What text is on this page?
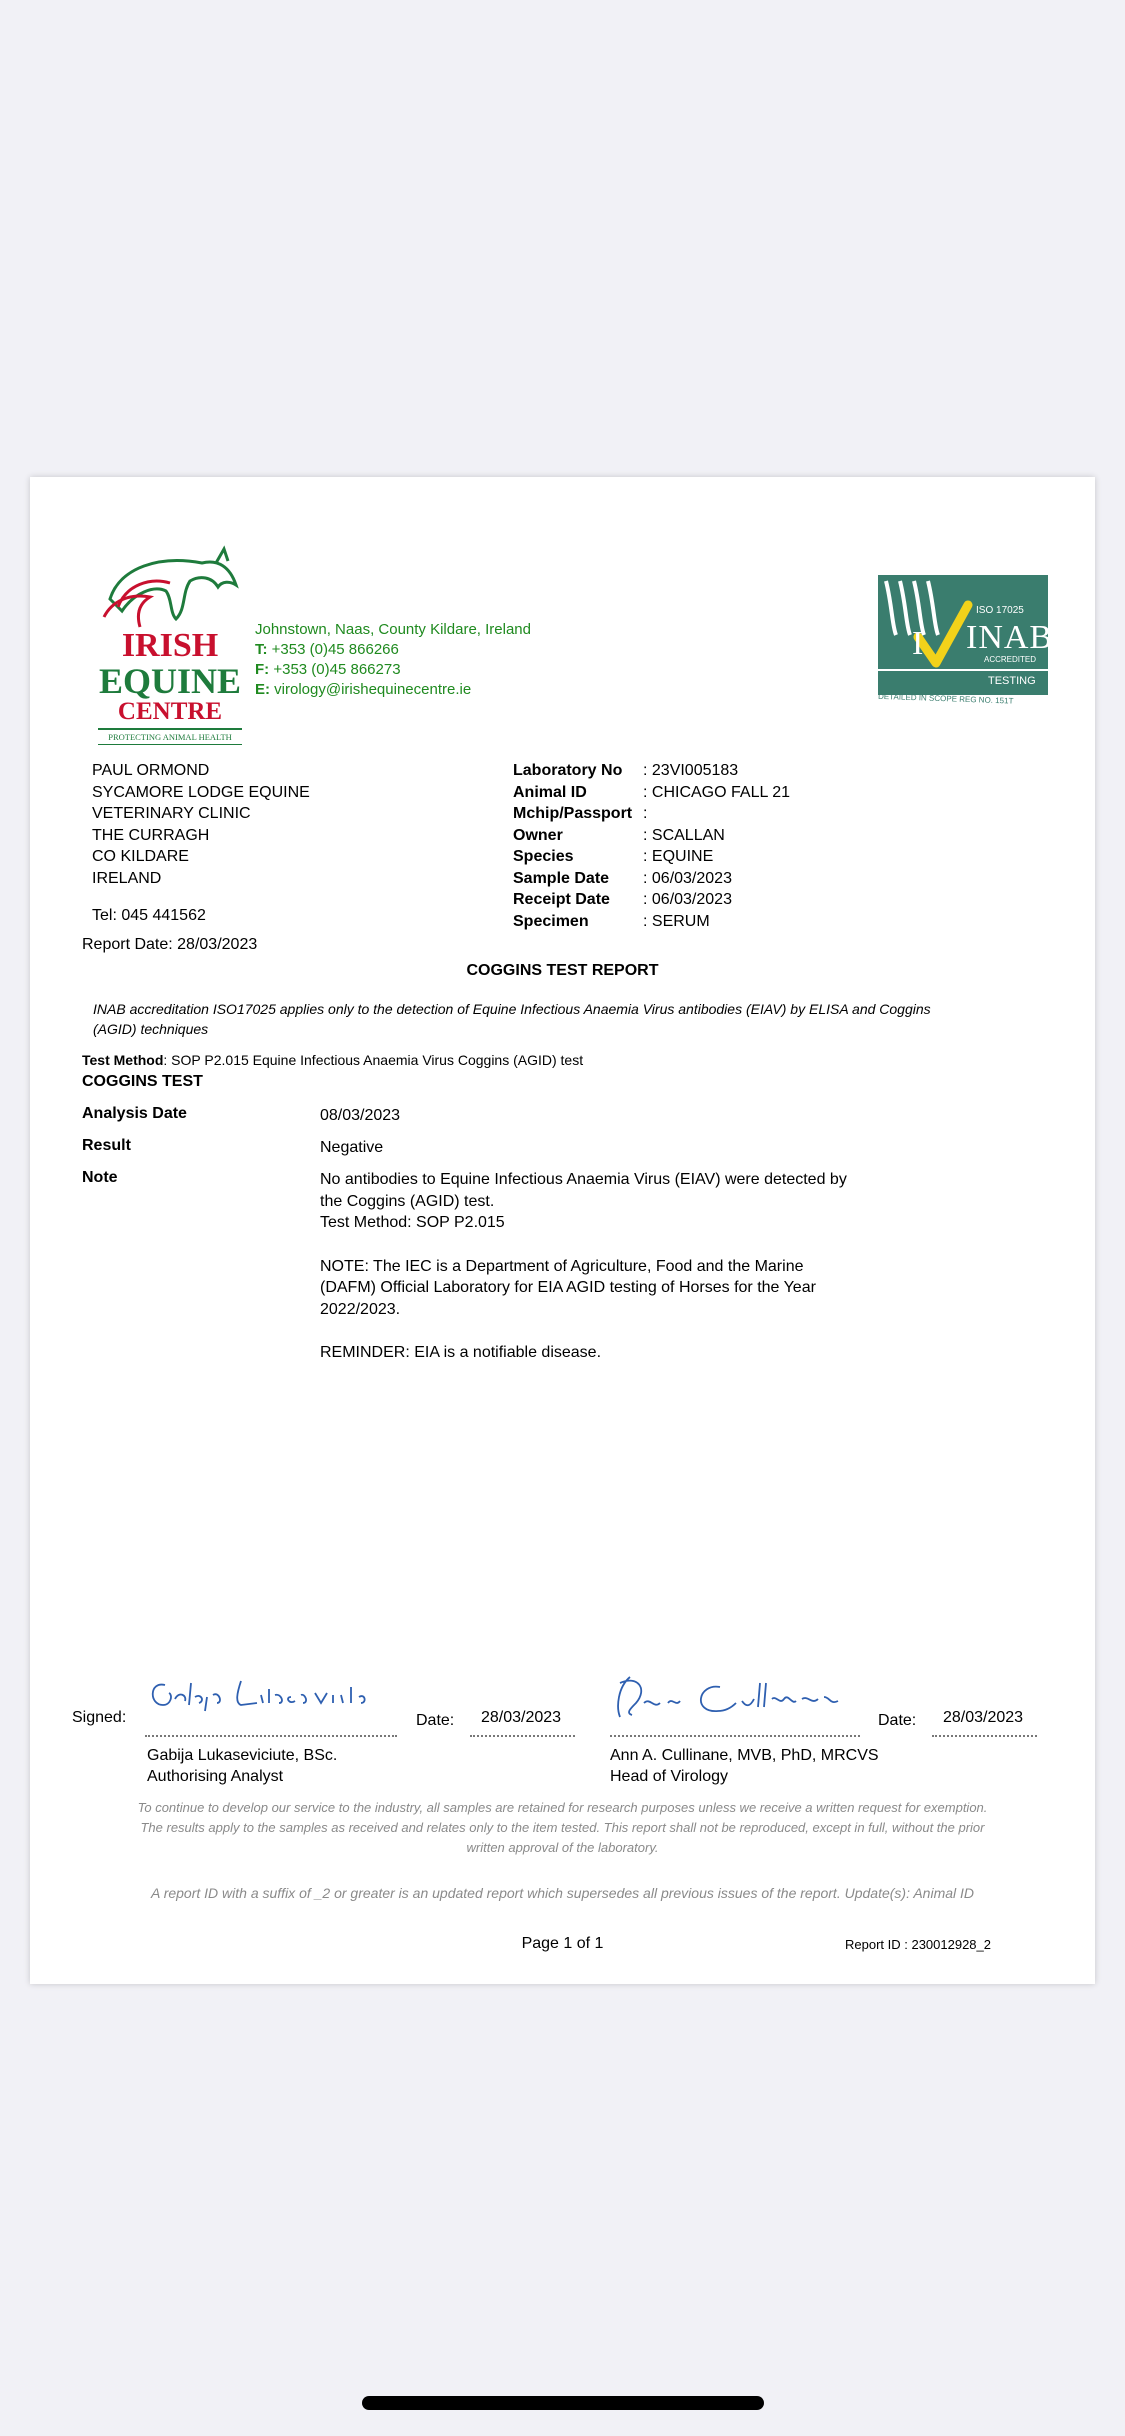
IRISH
EQUINE
CENTRE
PROTECTING ANIMAL HEALTH
Johnstown, Naas, County Kildare, Ireland
T: +353 (0)45 866266
F: +353 (0)45 866273
E: virology@irishequinecentre.ie
I
ISO 17025
INAB
ACCREDITED
TESTING
DETAILED IN SCOPE REG NO. 151T
PAUL ORMOND
SYCAMORE LODGE EQUINE
VETERINARY CLINIC
THE CURRAGH
CO KILDARE
IRELAND
Tel: 045 441562
Report Date: 28/03/2023
Laboratory No	: 23VI005183
Animal ID	: CHICAGO FALL 21
Mchip/Passport :
Owner	: SCALLAN
Species	: EQUINE
Sample Date	: 06/03/2023
Receipt Date	: 06/03/2023
Specimen	: SERUM
COGGINS TEST REPORT
INAB accreditation ISO17025 applies only to the detection of Equine Infectious Anaemia Virus antibodies (EIAV) by ELISA and Coggins (AGID) techniques
Test Method: SOP P2.015 Equine Infectious Anaemia Virus Coggins (AGID) test
COGGINS TEST
Analysis Date	08/03/2023
Result	Negative
Note	No antibodies to Equine Infectious Anaemia Virus (EIAV) were detected by
the Coggins (AGID) test.
Test Method: SOP P2.015

NOTE: The IEC is a Department of Agriculture, Food and the Marine
(DAFM) Official Laboratory for EIA AGID testing of Horses for the Year
2022/2023.

REMINDER: EIA is a notifiable disease.

Signed:	Date: 28/03/2023
Gabija Lukaseviciute, BSc.
Authorising Analyst
Date: 28/03/2023
Ann A. Cullinane, MVB, PhD, MRCVS
Head of Virology
To continue to develop our service to the industry, all samples are retained for research purposes unless we receive a written request for exemption.
The results apply to the samples as received and relates only to the item tested. This report shall not be reproduced, except in full, without the prior
written approval of the laboratory.
A report ID with a suffix of _2 or greater is an updated report which supersedes all previous issues of the report. Update(s): Animal ID
Page 1 of 1	Report ID : 230012928_2
